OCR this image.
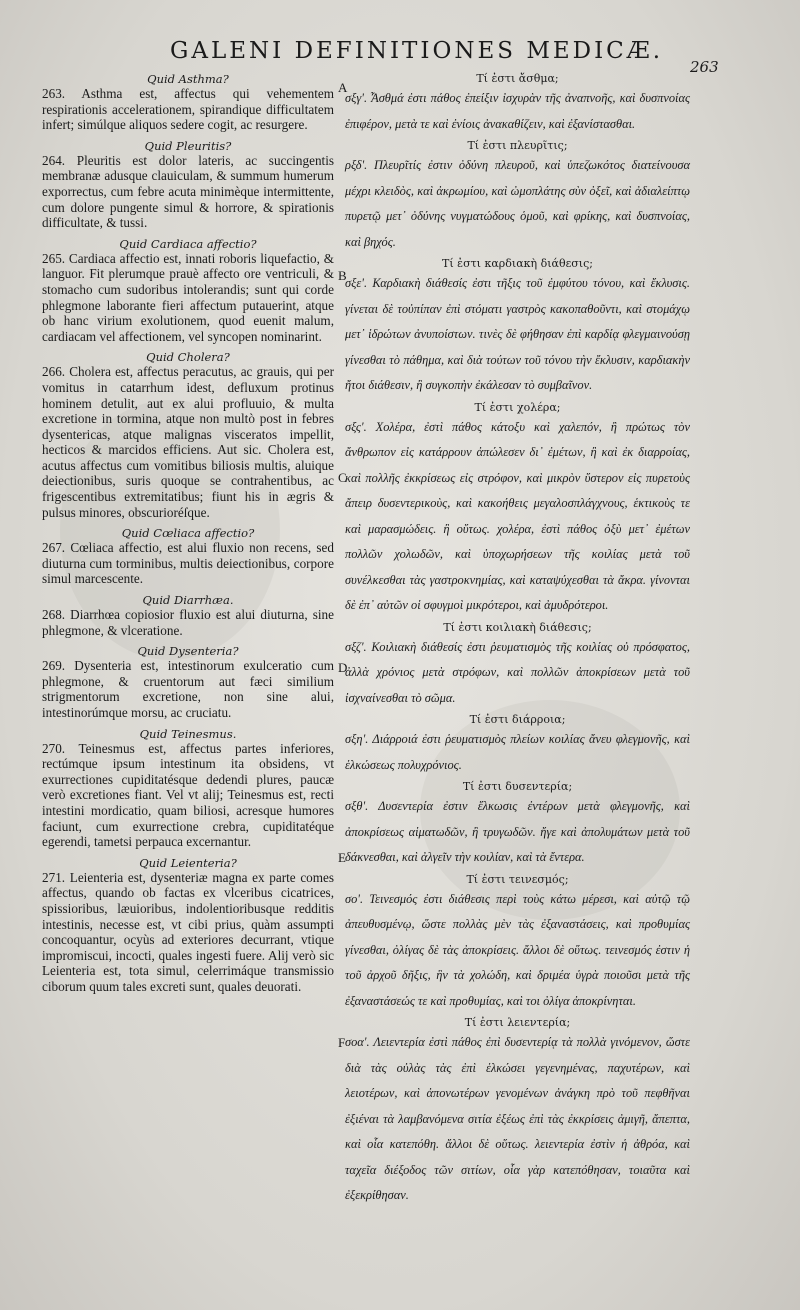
GALENI DEFINITIONES MEDICÆ.
263
A
B
C
D
E
F

Quid Asthma?

263. Asthma est, affectus qui vehementem respirationis accelerationem, spirandique difficultatem infert; simúlque aliquos sedere cogit, ac resurgere.

Quid Pleuritis?

264. Pleuritis est dolor lateris, ac succingentis membranæ adusque clauiculam, & summum humerum exporrectus, cum febre acuta minimèque intermittente, cum dolore pungente simul & horrore, & spirationis difficultate, & tussi.

Quid Cardiaca affectio?

265. Cardiaca affectio est, innati roboris liquefactio, & languor. Fit plerumque prauè affecto ore ventriculi, & stomacho cum sudoribus intolerandis; sunt qui corde phlegmone laborante fieri affectum putauerint, atque ob hanc virium exolutionem, quod euenit malum, cardiacam vel affectionem, vel syncopen nominarint.

Quid Cholera?

266. Cholera est, affectus peracutus, ac grauis, qui per vomitus in catarrhum idest, defluxum protinus hominem detulit, aut ex alui profluuio, & multa excretione in tormina, atque non multò post in febres dysentericas, atque malignas visceratos impellit, hecticos & marcidos efficiens. Aut sic. Cholera est, acutus affectus cum vomitibus biliosis multis, aluique deiectionibus, suris quoque se contrahentibus, ac frigescentibus extremitatibus; fiunt his in ægris & pulsus minores, obscurioréſque.

Quid Cœliaca affectio?

267. Cœliaca affectio, est alui fluxio non recens, sed diuturna cum torminibus, multis deiectionibus, corpore simul marcescente.

Quid Diarrhæa.

268. Diarrhœa copiosior fluxio est alui diuturna, sine phlegmone, & vlceratione.

Quid Dysenteria?

269. Dysenteria est, intestinorum exulceratio cum phlegmone, & cruentorum aut fæci similium strigmentorum excretione, non sine alui, intestinorúmque morsu, ac cruciatu.

Quid Teinesmus.

270. Teinesmus est, affectus partes inferiores, rectúmque ipsum intestinum ita obsidens, vt exurrectiones cupiditatésque dedendi plures, paucæ verò excretiones fiant. Vel vt alij; Teinesmus est, recti intestini mordicatio, quam biliosi, acresque humores faciunt, cum exurrectione crebra, cupiditatéque egerendi, tametsi perpauca excernantur.

Quid Leienteria?

271. Leienteria est, dysenteriæ magna ex parte comes affectus, quando ob factas ex vlceribus cicatrices, spissioribus, læuioribus, indolentioribusque redditis intestinis, necesse est, vt cibi prius, quàm assumpti concoquantur, ocyùs ad exteriores decurrant, vtique impromiscui, incocti, quales ingesti fuere. Alij verò sic Leienteria est, tota simul, celerrimáque transmissio ciborum quum tales excreti sunt, quales deuorati.

Τί ἐστι ἄσθμα;

σξγ'. Ἆσθμά ἐστι πάθος ἐπείξιν ἰσχυρὰν τῆς ἀναπνοῆς, καὶ δυσπνοίας ἐπιφέρον, μετὰ τε καὶ ἐνίοις ἀνακαθίζειν, καὶ ἐξανίστασθαι.

Τί ἐστι πλευρῖτις;

ρξδ'. Πλευρῖτίς ἐστιν ὀδύνη πλευροῦ, καὶ ὑπεζωκότος διατείνουσα μέχρι κλειδὸς, καὶ ἀκρωμίου, καὶ ὠμοπλάτης σὺν ὀξεῖ, καὶ ἀδιαλείπτῳ πυρετῷ μετ᾽ ὀδύνης νυγματώδους ὁμοῦ, καὶ φρίκης, καὶ δυσπνοίας, καὶ βηχός.

Τί ἐστι καρδιακὴ διάθεσις;

σξε'. Καρδιακὴ διάθεσίς ἐστι τῆξις τοῦ ἐμφύτου τόνου, καὶ ἔκλυσις. γίνεται δὲ τοὐπίπαν ἐπὶ στόματι γαστρὸς κακοπαθοῦντι, καὶ στομάχῳ μετ᾽ ἱδρώτων ἀνυποίστων. τινὲς δὲ φήθησαν ἐπὶ καρδίᾳ φλεγμαινούσῃ γίνεσθαι τὸ πάθημα, καὶ διὰ τούτων τοῦ τόνου τὴν ἔκλυσιν, καρδιακὴν ἤτοι διάθεσιν, ἢ συγκοπὴν ἐκάλεσαν τὸ συμβαῖνον.

Τί ἐστι χολέρα;

σξς'. Χολέρα, ἐστὶ πάθος κάτοξυ καὶ χαλεπόν, ἢ πρώτως τὸν ἄνθρωπον εἰς κατάρρουν ἀπώλεσεν δι᾽ ἐμέτων, ἢ καὶ ἐκ διαρροίας, καὶ πολλῆς ἐκκρίσεως εἰς στρόφον, καὶ μικρὸν ὕστερον εἰς πυρετοὺς ἄπειρ δυσεντερικοὺς, καὶ κακοήθεις μεγαλοσπλάγχνους, ἑκτικοὺς τε καὶ μαρασμώδεις. ἢ οὕτως. χολέρα, ἐστὶ πάθος ὀξὺ μετ᾽ ἐμέτων πολλῶν χολωδῶν, καὶ ὑποχωρήσεων τῆς κοιλίας μετὰ τοῦ συνέλκεσθαι τὰς γαστροκνημίας, καὶ καταψύχεσθαι τὰ ἄκρα. γίνονται δὲ ἐπ᾽ αὐτῶν οἱ σφυγμοὶ μικρότεροι, καὶ ἀμυδρότεροι.

Τί ἐστι κοιλιακὴ διάθεσις;

σξζ'. Κοιλιακὴ διάθεσίς ἐστι ῥευματισμὸς τῆς κοιλίας οὐ πρόσφατος, ἀλλὰ χρόνιος μετὰ στρόφων, καὶ πολλῶν ἀποκρίσεων μετὰ τοῦ ἰσχναίνεσθαι τὸ σῶμα.

Τί ἐστι διάρροια;

σξη'. Διάρροιά ἐστι ῥευματισμὸς πλείων κοιλίας ἄνευ φλεγμονῆς, καὶ ἑλκώσεως πολυχρόνιος.

Τί ἐστι δυσεντερία;

σξθ'. Δυσεντερία ἐστιν ἕλκωσις ἐντέρων μετὰ φλεγμονῆς, καὶ ἀποκρίσεως αἱματωδῶν, ἢ τρυγωδῶν. ἤγε καὶ ἀπολυμάτων μετὰ τοῦ δάκνεσθαι, καὶ ἀλγεῖν τὴν κοιλίαν, καὶ τὰ ἔντερα.

Τί ἐστι τεινεσμός;

σο'. Τεινεσμός ἐστι διάθεσις περὶ τοὺς κάτω μέρεσι, καὶ αὐτῷ τῷ ἀπευθυσμένῳ, ὥστε πολλὰς μὲν τὰς ἐξαναστάσεις, καὶ προθυμίας γίνεσθαι, ὀλίγας δὲ τὰς ἀποκρίσεις. ἄλλοι δὲ οὕτως. τεινεσμός ἐστιν ἡ τοῦ ἀρχοῦ δῆξις, ἣν τὰ χολώδη, καὶ δριμέα ὑγρὰ ποιοῦσι μετὰ τῆς ἐξαναστάσεώς τε καὶ προθυμίας, καὶ τοι ὀλίγα ἀποκρίνηται.

Τί ἐστι λειεντερία;

σοα'. Λειεντερία ἐστὶ πάθος ἐπὶ δυσεντερίᾳ τὰ πολλὰ γινόμενον, ὥστε διὰ τὰς οὐλὰς τὰς ἐπὶ ἑλκώσει γεγενημένας, παχυτέρων, καὶ λειοτέρων, καὶ ἀπονωτέρων γενομένων ἀνάγκη πρὸ τοῦ πεφθῆναι ἐξιέναι τὰ λαμβανόμενα σιτία ἐξέως ἐπὶ τὰς ἐκκρίσεις ἀμιγῆ, ἄπεπτα, καὶ οἷα κατεπόθη. ἄλλοι δὲ οὕτως. λειεντερία ἐστὶν ἡ ἀθρόα, καὶ ταχεῖα διέξοδος τῶν σιτίων, οἷα γὰρ κατεπόθησαν, τοιαῦτα καὶ ἐξεκρίθησαν.
